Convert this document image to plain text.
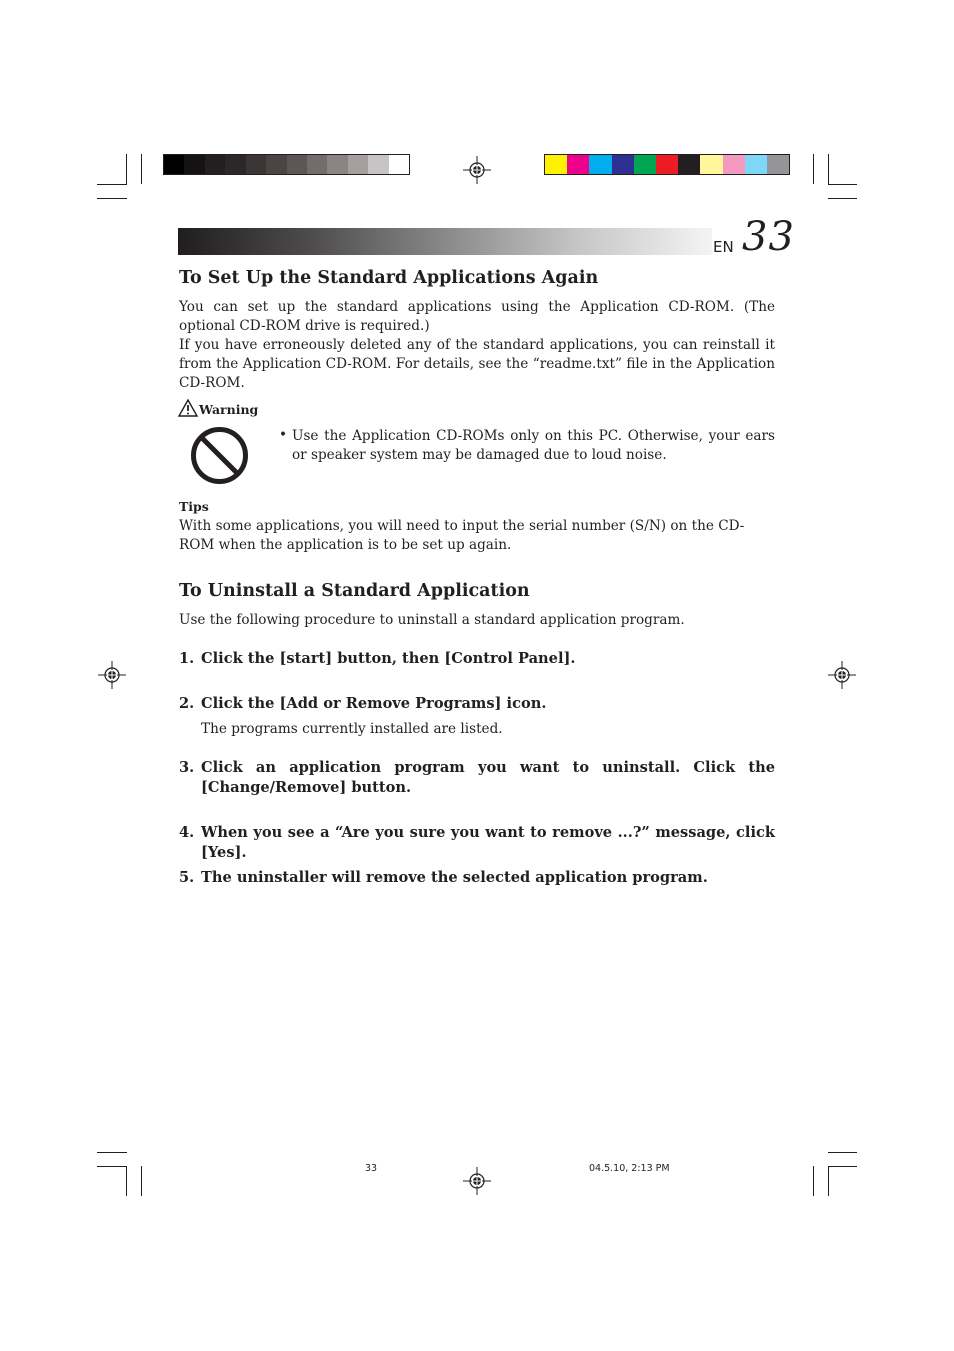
EN 33
To Set Up the Standard Applications Again

You can set up the standard applications using the Application CD-ROM. (The optional CD-ROM drive is required.)

If you have erroneously deleted any of the standard applications, you can reinstall it from the Application CD-ROM. For details, see the “readme.txt” file in the Application CD-ROM.

Warning
• Use the Application CD-ROMs only on this PC. Otherwise, your ears or speaker system may be damaged due to loud noise.
Tips
With some applications, you will need to input the serial number (S/N) on the CD-ROM when the application is to be set up again.
To Uninstall a Standard Application
Use the following procedure to uninstall a standard application program.
1. Click the [start] button, then [Control Panel].
2. Click the [Add or Remove Programs] icon.
The programs currently installed are listed.
3. Click an application program you want to uninstall. Click the [Change/Remove] button.
4. When you see a “Are you sure you want to remove ...?” message, click [Yes].
5. The uninstaller will remove the selected application program.
33	04.5.10, 2:13 PM
